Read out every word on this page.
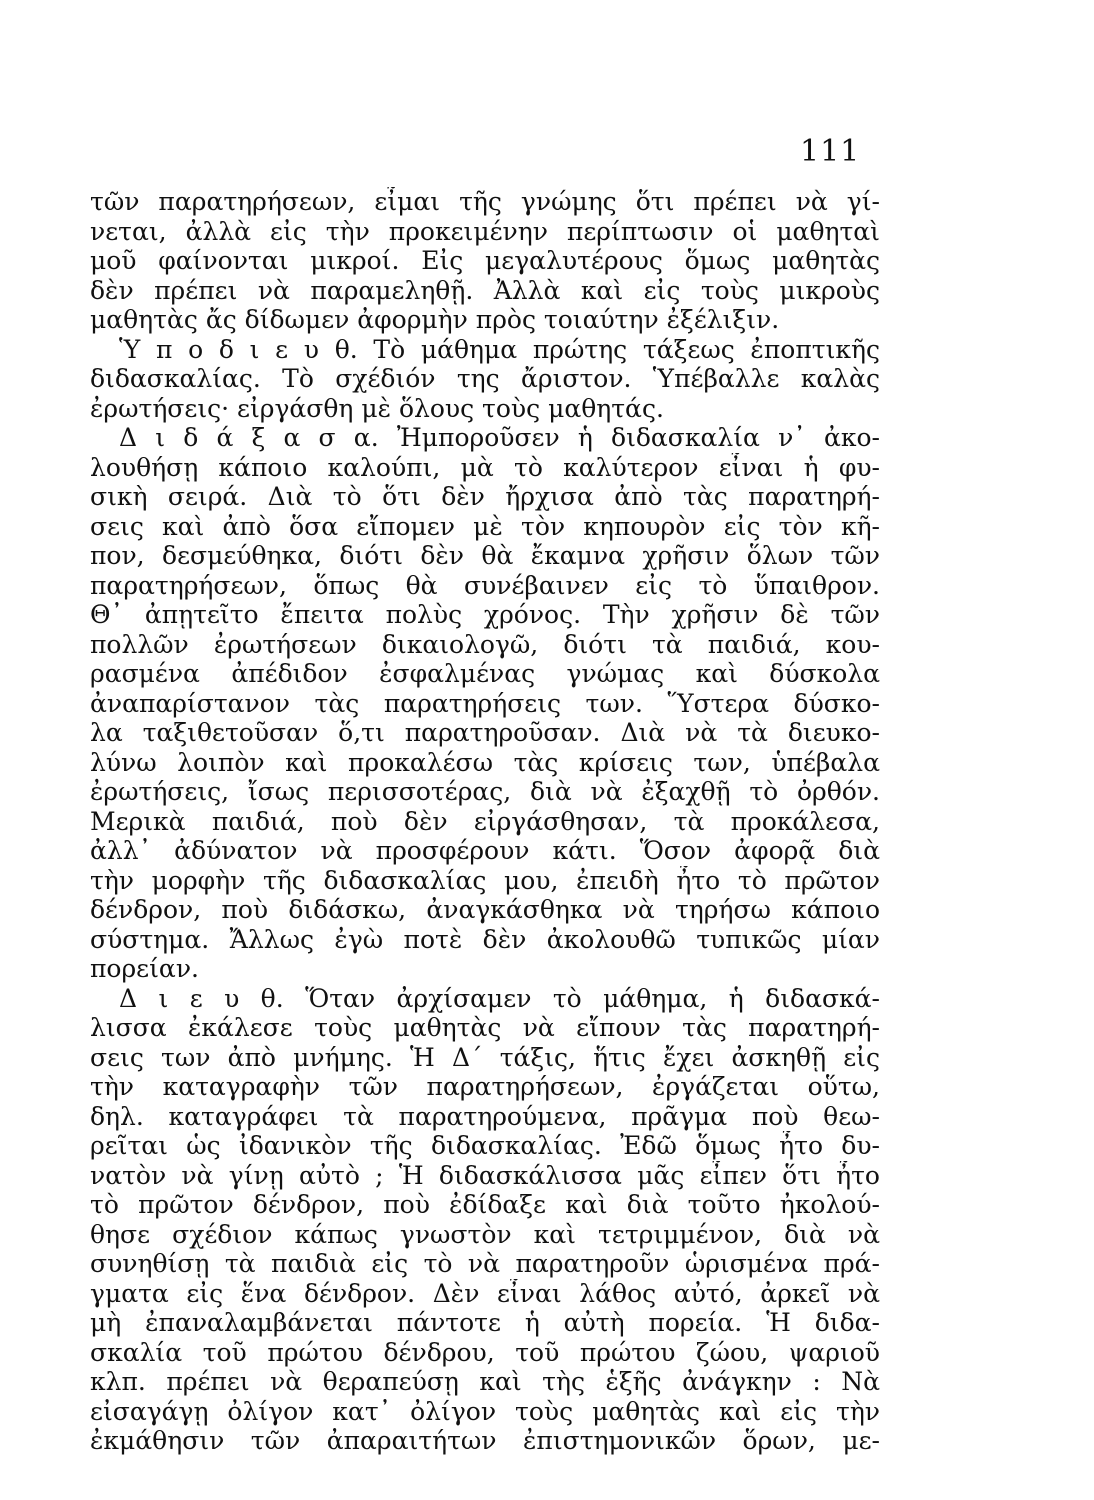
111
τῶν παρατηρήσεων, εἶμαι τῆς γνώμης ὅτι πρέπει νὰ γί-
νεται, ἀλλὰ εἰς τὴν προκειμένην περίπτωσιν οἱ μαθηταὶ
μοῦ φαίνονται μικροί. Εἰς μεγαλυτέρους ὅμως μαθητὰς
δὲν πρέπει νὰ παραμεληθῇ. Ἀλλὰ καὶ εἰς τοὺς μικροὺς
μαθητὰς ἄς δίδωμεν ἀφορμὴν πρὸς τοιαύτην ἐξέλιξιν.
Ὑ π ο δ ι ε υ θ. Τὸ μάθημα πρώτης τάξεως ἐποπτικῆς
διδασκαλίας. Τὸ σχέδιόν της ἄριστον. Ὑπέβαλλε καλὰς
ἐρωτήσεις· εἰργάσθη μὲ ὅλους τοὺς μαθητάς.
Δ ι δ ά ξ α σ α. Ἠμποροῦσεν ἡ διδασκαλία ν᾿ ἀκο-
λουθήσῃ κάποιο καλούπι, μὰ τὸ καλύτερον εἶναι ἡ φυ-
σικὴ σειρά. Διὰ τὸ ὅτι δὲν ἤρχισα ἀπὸ τὰς παρατηρή-
σεις καὶ ἀπὸ ὅσα εἴπομεν μὲ τὸν κηπουρὸν εἰς τὸν κῆ-
πον, δεσμεύθηκα, διότι δὲν θὰ ἔκαμνα χρῆσιν ὅλων τῶν
παρατηρήσεων, ὅπως θὰ συνέβαινεν εἰς τὸ ὕπαιθρον.
Θ᾿ ἀπῃτεῖτο ἔπειτα πολὺς χρόνος. Τὴν χρῆσιν δὲ τῶν
πολλῶν ἐρωτήσεων δικαιολογῶ, διότι τὰ παιδιά, κου-
ρασμένα ἀπέδιδον ἐσφαλμένας γνώμας καὶ δύσκολα
ἀναπαρίστανον τὰς παρατηρήσεις των. Ὕστερα δύσκο-
λα ταξιθετοῦσαν ὅ,τι παρατηροῦσαν. Διὰ νὰ τὰ διευκο-
λύνω λοιπὸν καὶ προκαλέσω τὰς κρίσεις των, ὑπέβαλα
ἐρωτήσεις, ἴσως περισσοτέρας, διὰ νὰ ἐξαχθῇ τὸ ὀρθόν.
Μερικὰ παιδιά, ποὺ δὲν εἰργάσθησαν, τὰ προκάλεσα,
ἀλλ᾿ ἀδύνατον νὰ προσφέρουν κάτι. Ὅσον ἀφορᾷ διὰ
τὴν μορφὴν τῆς διδασκαλίας μου, ἐπειδὴ ἦτο τὸ πρῶτον
δένδρον, ποὺ διδάσκω, ἀναγκάσθηκα νὰ τηρήσω κάποιο
σύστημα. Ἄλλως ἐγὼ ποτὲ δὲν ἀκολουθῶ τυπικῶς μίαν
πορείαν.
Δ ι ε υ θ. Ὅταν ἀρχίσαμεν τὸ μάθημα, ἡ διδασκά-
λισσα ἐκάλεσε τοὺς μαθητὰς νὰ εἴπουν τὰς παρατηρή-
σεις των ἀπὸ μνήμης. Ἡ Δ΄ τάξις, ἥτις ἔχει ἀσκηθῇ εἰς
τὴν καταγραφὴν τῶν παρατηρήσεων, ἐργάζεται οὕτω,
δηλ. καταγράφει τὰ παρατηρούμενα, πρᾶγμα ποὺ θεω-
ρεῖται ὡς ἰδανικὸν τῆς διδασκαλίας. Ἐδῶ ὅμως ἦτο δυ-
νατὸν νὰ γίνῃ αὐτὸ ; Ἡ διδασκάλισσα μᾶς εἶπεν ὅτι ἦτο
τὸ πρῶτον δένδρον, ποὺ ἐδίδαξε καὶ διὰ τοῦτο ἠκολού-
θησε σχέδιον κάπως γνωστὸν καὶ τετριμμένον, διὰ νὰ
συνηθίσῃ τὰ παιδιὰ εἰς τὸ νὰ παρατηροῦν ὡρισμένα πρά-
γματα εἰς ἕνα δένδρον. Δὲν εἶναι λάθος αὐτό, ἀρκεῖ νὰ
μὴ ἐπαναλαμβάνεται πάντοτε ἡ αὐτὴ πορεία. Ἡ διδα-
σκαλία τοῦ πρώτου δένδρου, τοῦ πρώτου ζώου, ψαριοῦ
κλπ. πρέπει νὰ θεραπεύσῃ καὶ τὴς ἑξῆς ἀνάγκην : Νὰ
εἰσαγάγῃ ὀλίγον κατ᾿ ὀλίγον τοὺς μαθητὰς καὶ εἰς τὴν
ἐκμάθησιν τῶν ἀπαραιτήτων ἐπιστημονικῶν ὅρων, με-
